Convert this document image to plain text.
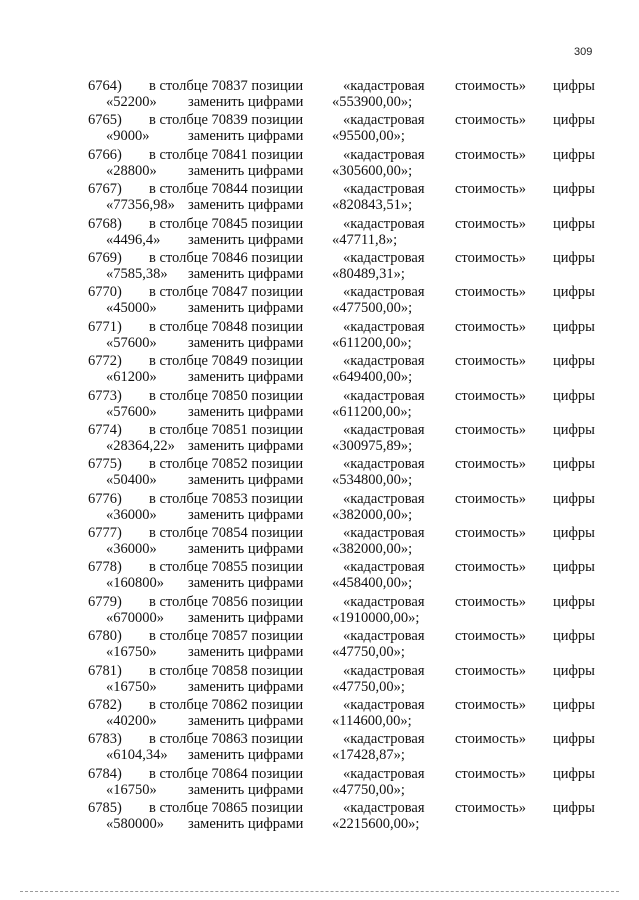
309
6764) в столбце 70837 позиции	«кадастровая стоимость» цифры
«52200» заменить цифрами «553900,00»;
6765) в столбце 70839 позиции	«кадастровая стоимость» цифры
«9000»	заменить цифрами «95500,00»;
6766) в столбце 70841 позиции	«кадастровая стоимость» цифры
«28800» заменить цифрами «305600,00»;
6767) в столбце 70844 позиции	«кадастровая стоимость» цифры
«77356,98» заменить цифрами «820843,51»;
6768) в столбце 70845 позиции	«кадастровая стоимость» цифры
«4496,4» заменить цифрами «47711,8»;
6769) в столбце 70846 позиции	«кадастровая стоимость» цифры
«7585,38» заменить цифрами «80489,31»;
6770) в столбце 70847 позиции	«кадастровая стоимость» цифры
«45000» заменить цифрами «477500,00»;
6771) в столбце 70848 позиции	«кадастровая стоимость» цифры
«57600» заменить цифрами «611200,00»;
6772) в столбце 70849 позиции	«кадастровая стоимость» цифры
«61200» заменить цифрами «649400,00»;
6773) в столбце 70850 позиции	«кадастровая стоимость» цифры
«57600» заменить цифрами «611200,00»;
6774) в столбце 70851 позиции	«кадастровая стоимость» цифры
«28364,22» заменить цифрами «300975,89»;
6775) в столбце 70852 позиции	«кадастровая стоимость» цифры
«50400» заменить цифрами «534800,00»;
6776) в столбце 70853 позиции	«кадастровая стоимость» цифры
«36000» заменить цифрами «382000,00»;
6777) в столбце 70854 позиции	«кадастровая стоимость» цифры
«36000» заменить цифрами «382000,00»;
6778) в столбце 70855 позиции	«кадастровая стоимость» цифры
«160800» заменить цифрами «458400,00»;
6779) в столбце 70856 позиции	«кадастровая стоимость» цифры
«670000» заменить цифрами «1910000,00»;
6780) в столбце 70857 позиции	«кадастровая стоимость» цифры
«16750» заменить цифрами «47750,00»;
6781) в столбце 70858 позиции	«кадастровая стоимость» цифры
«16750» заменить цифрами «47750,00»;
6782) в столбце 70862 позиции	«кадастровая стоимость» цифры
«40200» заменить цифрами «114600,00»;
6783) в столбце 70863 позиции	«кадастровая стоимость» цифры
«6104,34» заменить цифрами «17428,87»;
6784) в столбце 70864 позиции	«кадастровая стоимость» цифры
«16750» заменить цифрами «47750,00»;
6785) в столбце 70865 позиции	«кадастровая стоимость» цифры
«580000» заменить цифрами «2215600,00»;
